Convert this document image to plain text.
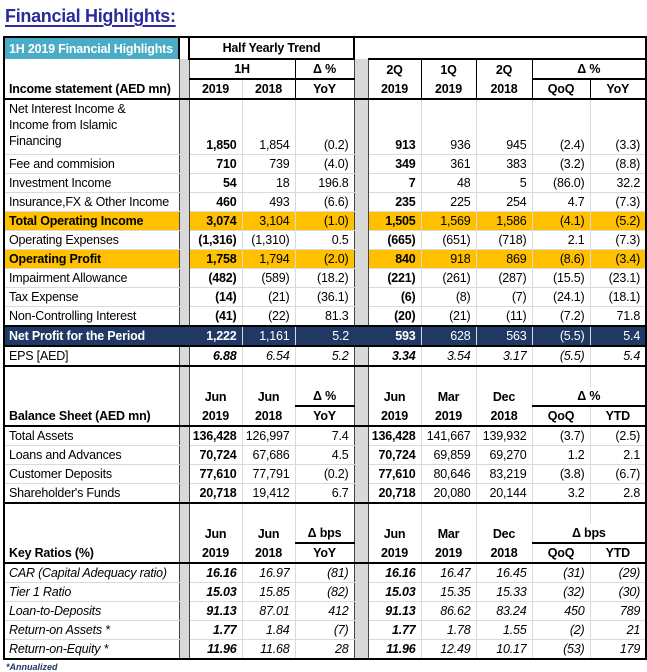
Financial Highlights:
1H 2019 Financial Highlights		Half Yearly Trend								
		1H		Δ %		2Q	1Q	2Q	Δ %	
Income statement (AED mn)		2019	2018	YoY		2019	2019	2018	QoQ	YoY
Net Interest Income & Income from Islamic Financing		1,850	1,854	(0.2)		913	936	945	(2.4)	(3.3)
Fee and commision		710	739	(4.0)		349	361	383	(3.2)	(8.8)
Investment Income		54	18	196.8		7	48	5	(86.0)	32.2
Insurance,FX & Other Income		460	493	(6.6)		235	225	254	4.7	(7.3)
Total Operating Income		3,074	3,104	(1.0)		1,505	1,569	1,586	(4.1)	(5.2)
Operating Expenses		(1,316)	(1,310)	0.5		(665)	(651)	(718)	2.1	(7.3)
Operating Profit		1,758	1,794	(2.0)		840	918	869	(8.6)	(3.4)
Impairment Allowance		(482)	(589)	(18.2)		(221)	(261)	(287)	(15.5)	(23.1)
Tax Expense		(14)	(21)	(36.1)		(6)	(8)	(7)	(24.1)	(18.1)
Non-Controlling Interest		(41)	(22)	81.3		(20)	(21)	(11)	(7.2)	71.8
Net Profit for the Period		1,222	1,161	5.2		593	628	563	(5.5)	5.4
EPS [AED]		6.88	6.54	5.2		3.34	3.54	3.17	(5.5)	5.4

		Jun	Jun	Δ %		Jun	Mar	Dec	Δ %	
Balance Sheet (AED mn)		2019	2018	YoY		2019	2019	2018	QoQ	YTD
Total Assets		136,428	126,997	7.4		136,428	141,667	139,932	(3.7)	(2.5)
Loans and Advances		70,724	67,686	4.5		70,724	69,859	69,270	1.2	2.1
Customer Deposits		77,610	77,791	(0.2)		77,610	80,646	83,219	(3.8)	(6.7)
Shareholder's Funds		20,718	19,412	6.7		20,718	20,080	20,144	3.2	2.8

		Jun	Jun	Δ bps		Jun	Mar	Dec	Δ bps	
Key Ratios (%)		2019	2018	YoY		2019	2019	2018	QoQ	YTD
CAR (Capital Adequacy ratio)		16.16	16.97	(81)		16.16	16.47	16.45	(31)	(29)
Tier 1 Ratio		15.03	15.85	(82)		15.03	15.35	15.33	(32)	(30)
Loan-to-Deposits		91.13	87.01	412		91.13	86.62	83.24	450	789
Return-on Assets *		1.77	1.84	(7)		1.77	1.78	1.55	(2)	21
Return-on-Equity *		11.96	11.68	28		11.96	12.49	10.17	(53)	179
*Annualized
